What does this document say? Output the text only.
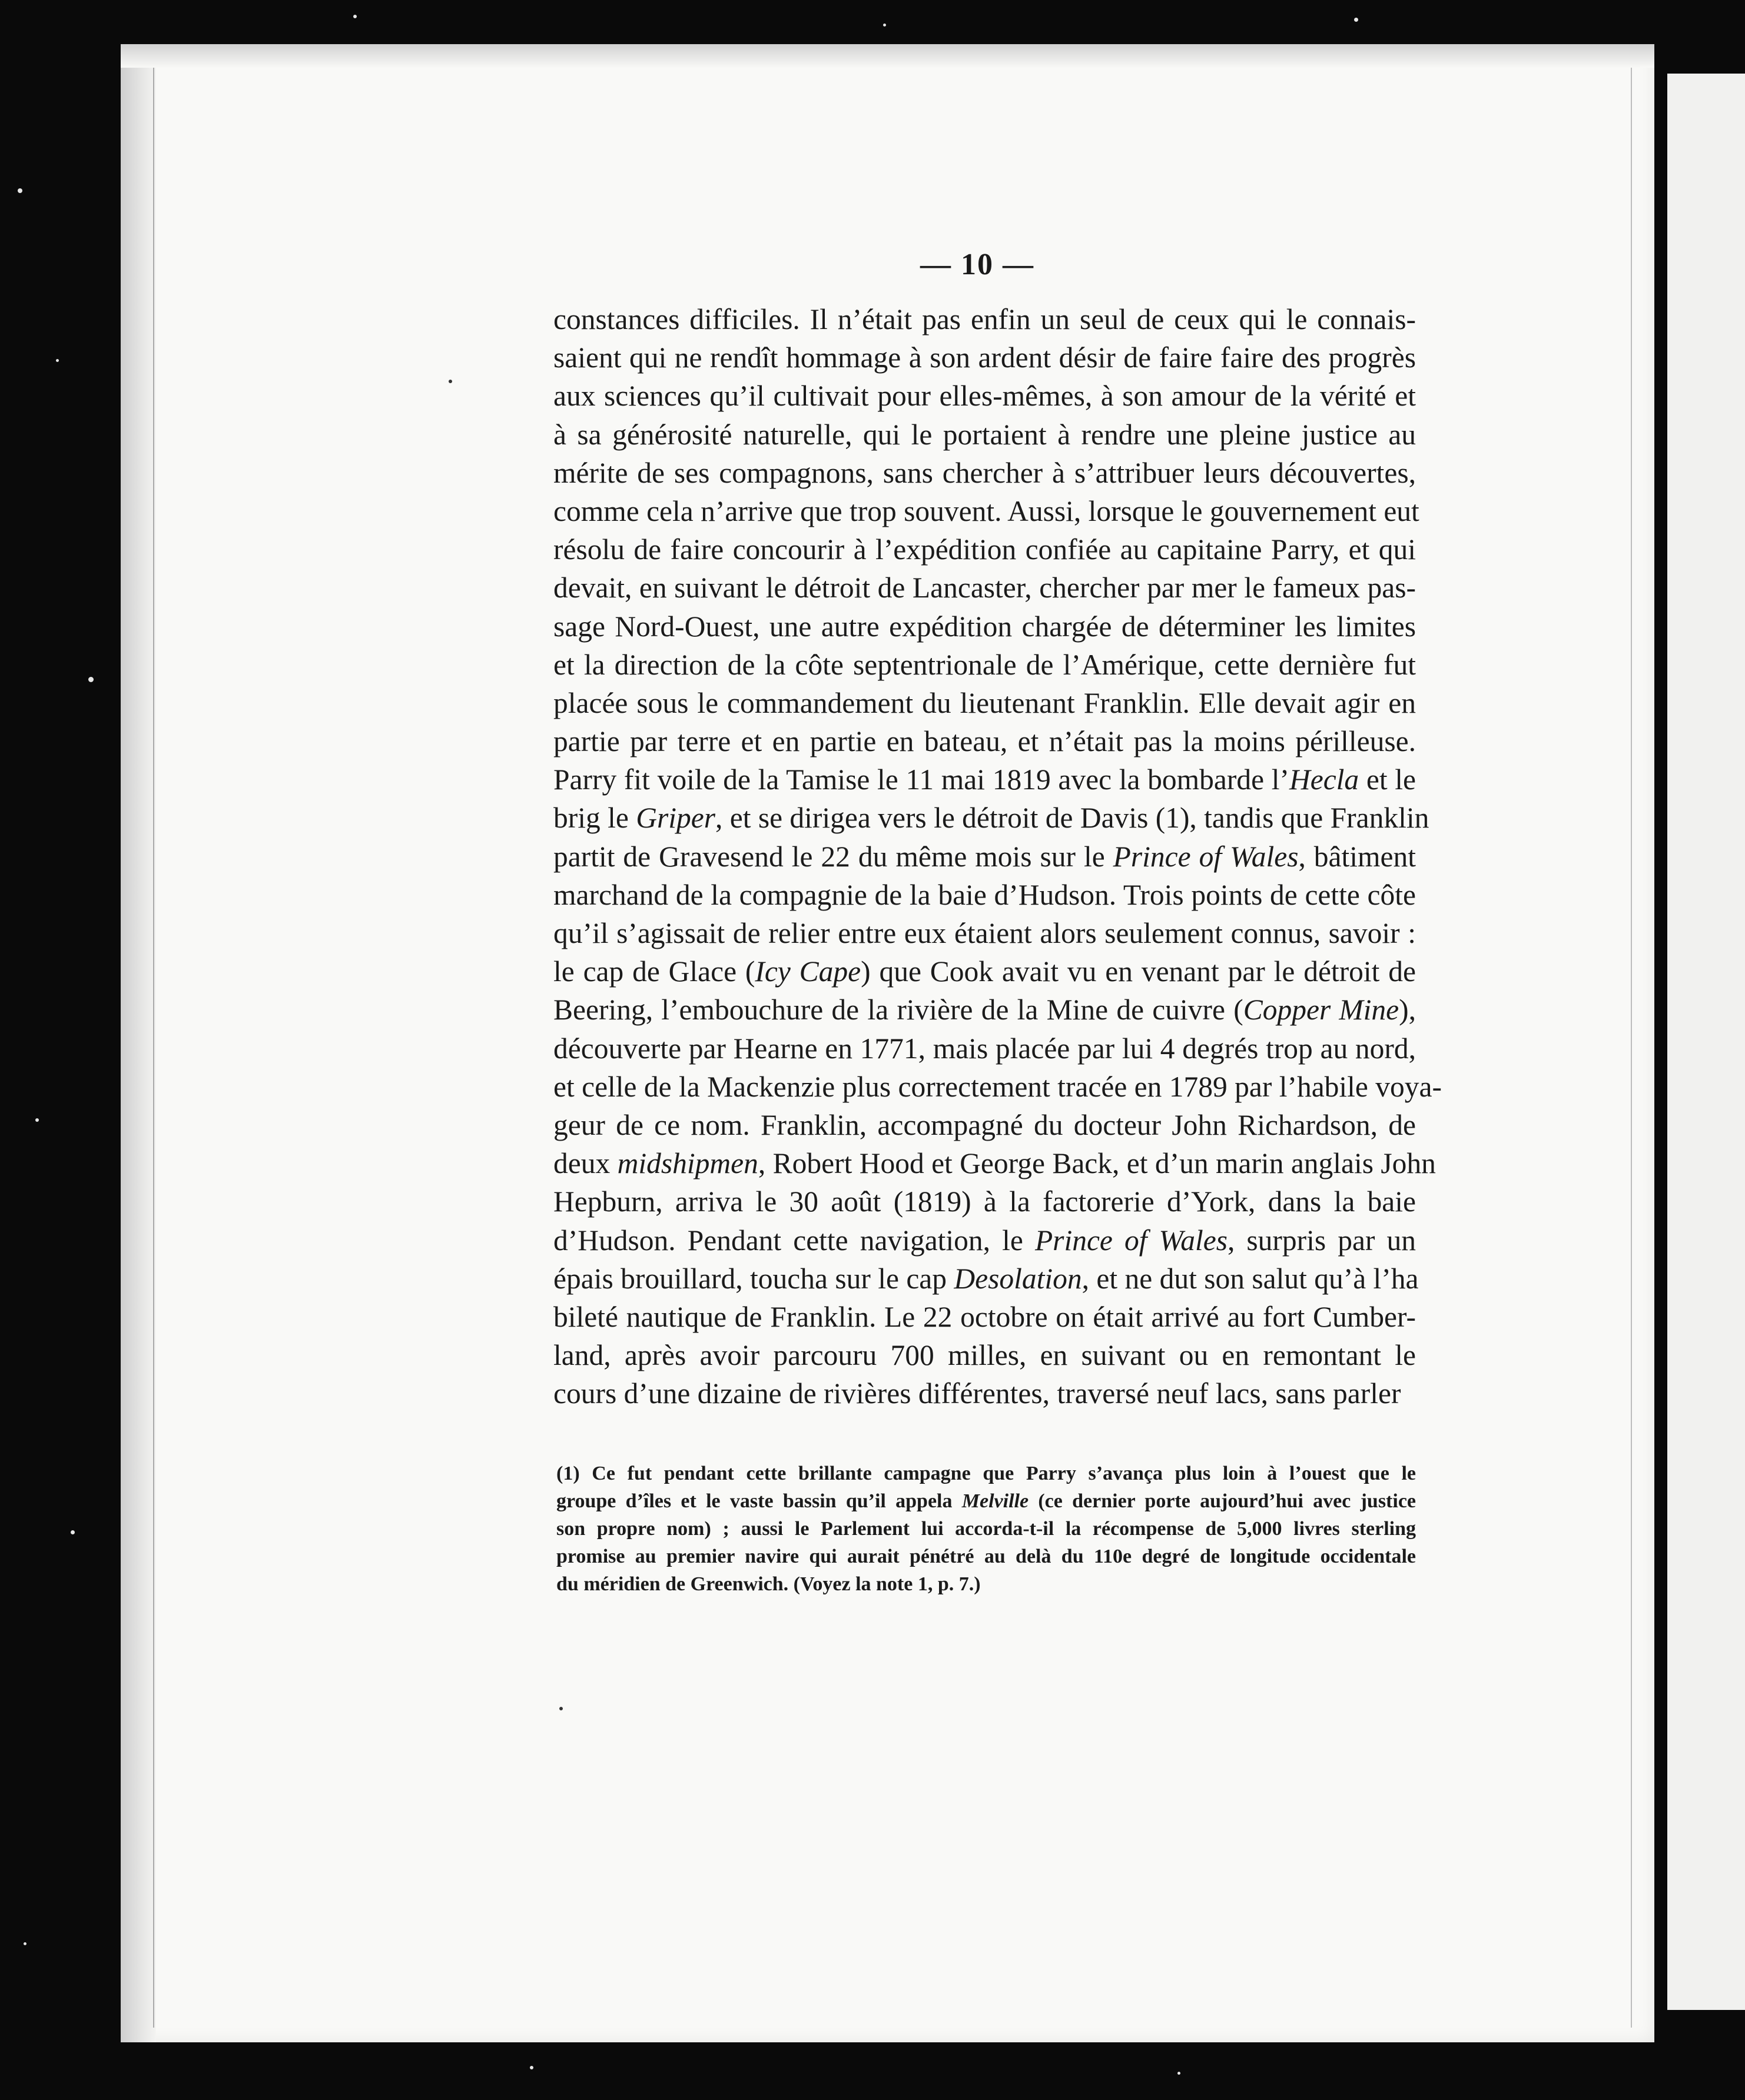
— 10 —
constances difficiles. Il n’était pas enfin un seul de ceux qui le connais-
saient qui ne rendît hommage à son ardent désir de faire faire des progrès
aux sciences qu’il cultivait pour elles-mêmes, à son amour de la vérité et
à sa générosité naturelle, qui le portaient à rendre une pleine justice au
mérite de ses compagnons, sans chercher à s’attribuer leurs découvertes,
comme cela n’arrive que trop souvent. Aussi, lorsque le gouvernement eut
résolu de faire concourir à l’expédition confiée au capitaine Parry, et qui
devait, en suivant le détroit de Lancaster, chercher par mer le fameux pas-
sage Nord-Ouest, une autre expédition chargée de déterminer les limites
et la direction de la côte septentrionale de l’Amérique, cette dernière fut
placée sous le commandement du lieutenant Franklin. Elle devait agir en
partie par terre et en partie en bateau, et n’était pas la moins périlleuse.
Parry fit voile de la Tamise le 11 mai 1819 avec la bombarde l’Hecla et le
brig le Griper, et se dirigea vers le détroit de Davis (1), tandis que Franklin
partit de Gravesend le 22 du même mois sur le Prince of Wales, bâtiment
marchand de la compagnie de la baie d’Hudson. Trois points de cette côte
qu’il s’agissait de relier entre eux étaient alors seulement connus, savoir :
le cap de Glace (Icy Cape) que Cook avait vu en venant par le détroit de
Beering, l’embouchure de la rivière de la Mine de cuivre (Copper Mine),
découverte par Hearne en 1771, mais placée par lui 4 degrés trop au nord,
et celle de la Mackenzie plus correctement tracée en 1789 par l’habile voya-
geur de ce nom. Franklin, accompagné du docteur John Richardson, de
deux midshipmen, Robert Hood et George Back, et d’un marin anglais John
Hepburn, arriva le 30 août (1819) à la factorerie d’York, dans la baie
d’Hudson. Pendant cette navigation, le Prince of Wales, surpris par un
épais brouillard, toucha sur le cap Desolation, et ne dut son salut qu’à l’ha
bileté nautique de Franklin. Le 22 octobre on était arrivé au fort Cumber-
land, après avoir parcouru 700 milles, en suivant ou en remontant le
cours d’une dizaine de rivières différentes, traversé neuf lacs, sans parler
(1) Ce fut pendant cette brillante campagne que Parry s’avança plus loin à l’ouest que le
groupe d’îles et le vaste bassin qu’il appela Melville (ce dernier porte aujourd’hui avec justice
son propre nom) ; aussi le Parlement lui accorda-t-il la récompense de 5,000 livres sterling
promise au premier navire qui aurait pénétré au delà du 110e degré de longitude occidentale
du méridien de Greenwich. (Voyez la note 1, p. 7.)
